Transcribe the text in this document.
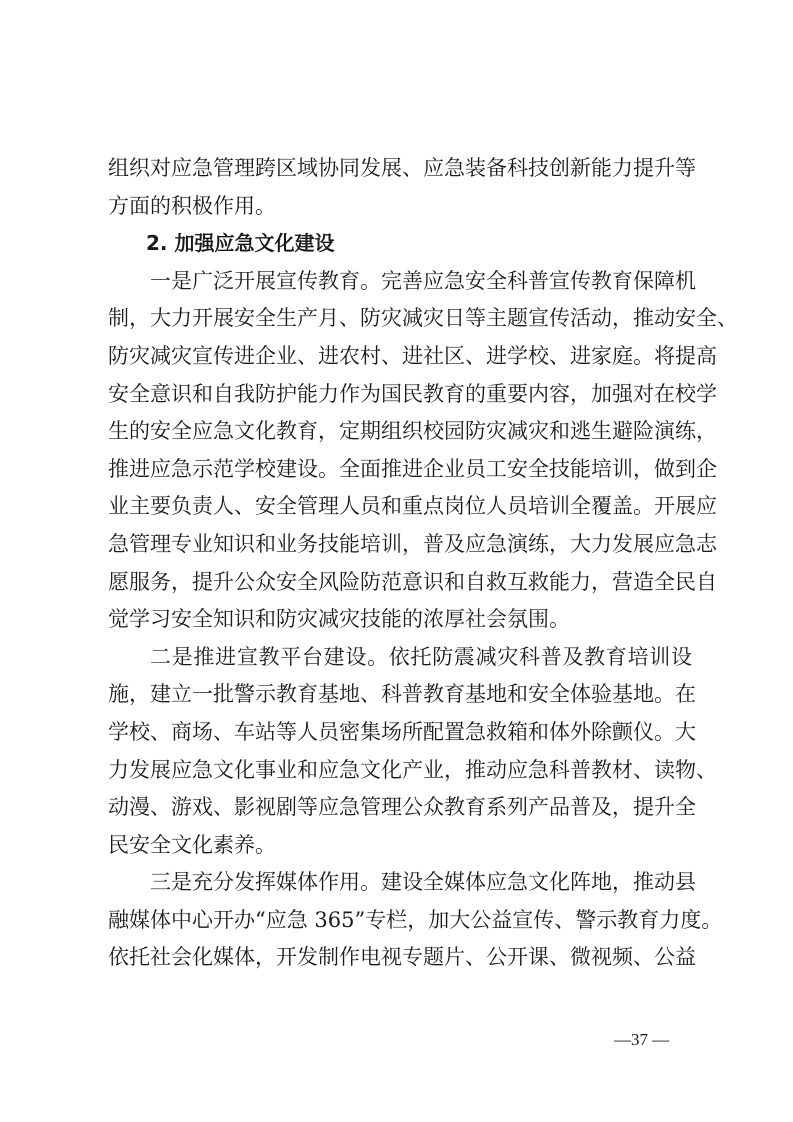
组织对应急管理跨区域协同发展、应急装备科技创新能力提升等
方面的积极作用。
2. 加强应急文化建设
一是广泛开展宣传教育。完善应急安全科普宣传教育保障机
制，大力开展安全生产月、防灾减灾日等主题宣传活动，推动安全、
防灾减灾宣传进企业、进农村、进社区、进学校、进家庭。将提高
安全意识和自我防护能力作为国民教育的重要内容，加强对在校学
生的安全应急文化教育，定期组织校园防灾减灾和逃生避险演练，
推进应急示范学校建设。全面推进企业员工安全技能培训，做到企
业主要负责人、安全管理人员和重点岗位人员培训全覆盖。开展应
急管理专业知识和业务技能培训，普及应急演练，大力发展应急志
愿服务，提升公众安全风险防范意识和自救互救能力，营造全民自
觉学习安全知识和防灾减灾技能的浓厚社会氛围。
二是推进宣教平台建设。依托防震减灾科普及教育培训设
施，建立一批警示教育基地、科普教育基地和安全体验基地。在
学校、商场、车站等人员密集场所配置急救箱和体外除颤仪。大
力发展应急文化事业和应急文化产业，推动应急科普教材、读物、
动漫、游戏、影视剧等应急管理公众教育系列产品普及，提升全
民安全文化素养。
三是充分发挥媒体作用。建设全媒体应急文化阵地，推动县
融媒体中心开办“应急 365”专栏，加大公益宣传、警示教育力度。
依托社会化媒体，开发制作电视专题片、公开课、微视频、公益
—37 —
